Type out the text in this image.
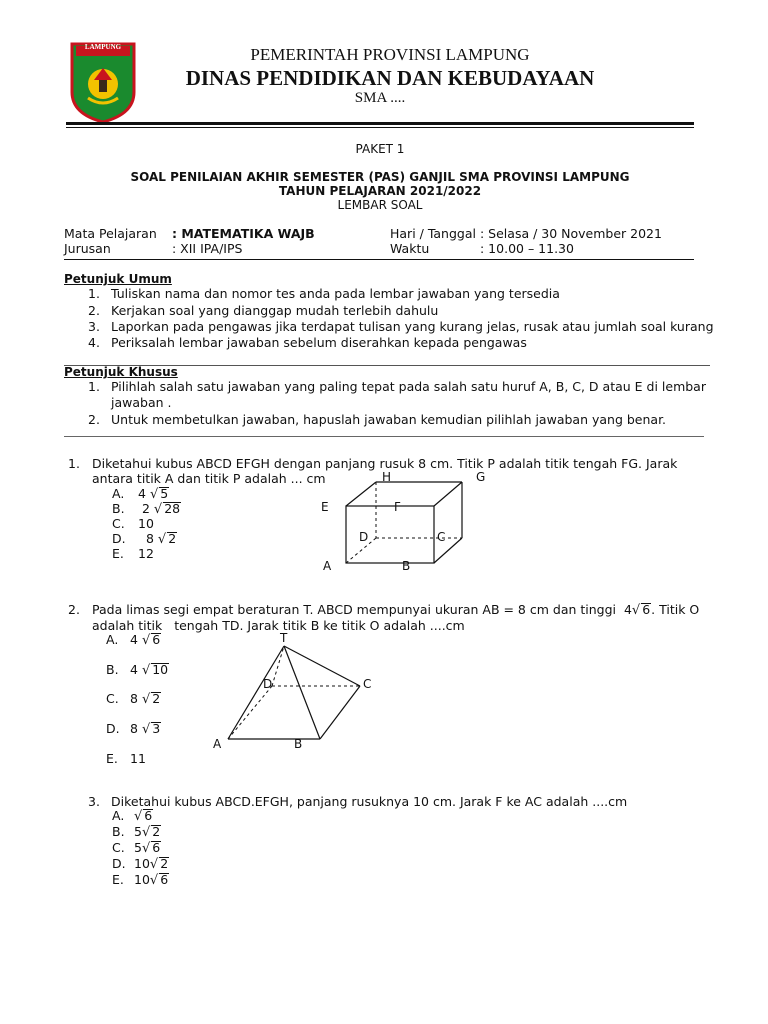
LAMPUNG	PEMERINTAH PROVINSI LAMPUNG
DINAS PENDIDIKAN DAN KEBUDAYAAN
SMA ....
PAKET 1
SOAL PENILAIAN AKHIR SEMESTER (PAS) GANJIL SMA PROVINSI LAMPUNG
TAHUN PELAJARAN 2021/2022
LEMBAR SOAL
Mata Pelajaran : MATEMATIKA WAJB
Jurusan	: XII IPA/IPS
Hari / Tanggal : Selasa / 30 November 2021
Waktu	: 10.00 – 11.30
Petunjuk Umum
1. Tuliskan nama dan nomor tes anda pada lembar jawaban yang tersedia
2. Kerjakan soal yang dianggap mudah terlebih dahulu
3. Laporkan pada pengawas jika terdapat tulisan yang kurang jelas, rusak atau jumlah soal kurang
4. Periksalah lembar jawaban sebelum diserahkan kepada pengawas
Petunjuk Khusus
1. Pilihlah salah satu jawaban yang paling tepat pada salah satu huruf A, B, C, D atau E di lembar
jawaban .
2. Untuk membetulkan jawaban, hapuslah jawaban kemudian pilihlah jawaban yang benar.
1. Diketahui kubus ABCD EFGH dengan panjang rusuk 8 cm. Titik P adalah titik tengah FG. Jarak
antara titik A dan titik P adalah ... cm
A. 4 √ 5
B. 2 √ 28
C. 10
D. 8 √ 2
E. 12
H	G
E	F
D	C
A	B
2. Pada limas segi empat beraturan T. ABCD mempunyai ukuran AB = 8 cm dan tinggi 4√ 6. Titik O
adalah titik   tengah TD. Jarak titik B ke titik O adalah ....cm
A. 4 √ 6
B. 4 √ 10
C. 8 √ 2
D. 8 √ 3
E. 11
T
D	C
A	B
3. Diketahui kubus ABCD.EFGH, panjang rusuknya 10 cm. Jarak F ke AC adalah ....cm
A. √ 6
B. 5√ 2
C. 5√ 6
D. 10√ 2
E. 10√ 6
